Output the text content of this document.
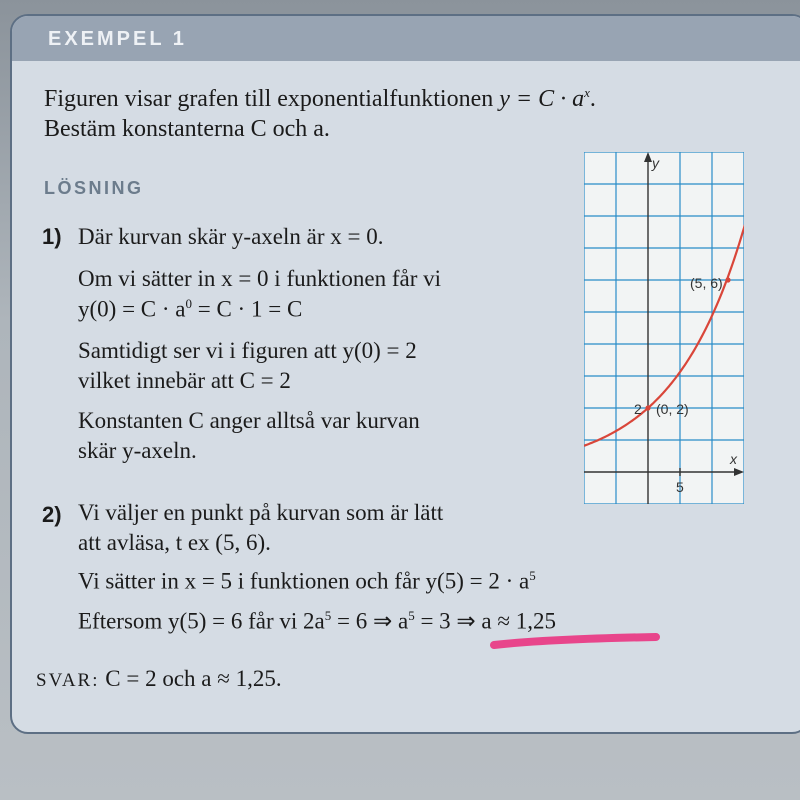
EXEMPEL 1
Figuren visar grafen till exponentialfunktionen $y = C \cdot a^x$.
Bestäm konstanterna C och a.
LÖSNING
1) Där kurvan skär y-axeln är x = 0.
Om vi sätter in x = 0 i funktionen får vi
$y(0) = C \cdot a^0 = C \cdot 1 = C$
Samtidigt ser vi i figuren att y(0) = 2
vilket innebär att C = 2
Konstanten C anger alltså var kurvan
skär y-axeln.
2) Vi väljer en punkt på kurvan som är lätt
att avläsa, t ex (5, 6).
Vi sätter in x = 5 i funktionen och får $y(5) = 2 \cdot a^5$
Eftersom y(5) = 6 får vi $2a^5 = 6$ ⇒ $a^5 = 3$ ⇒ a ≈ 1,25
SVAR: C = 2 och a ≈ 1,25.
y
x
5
2 (0, 2)
(5, 6)
